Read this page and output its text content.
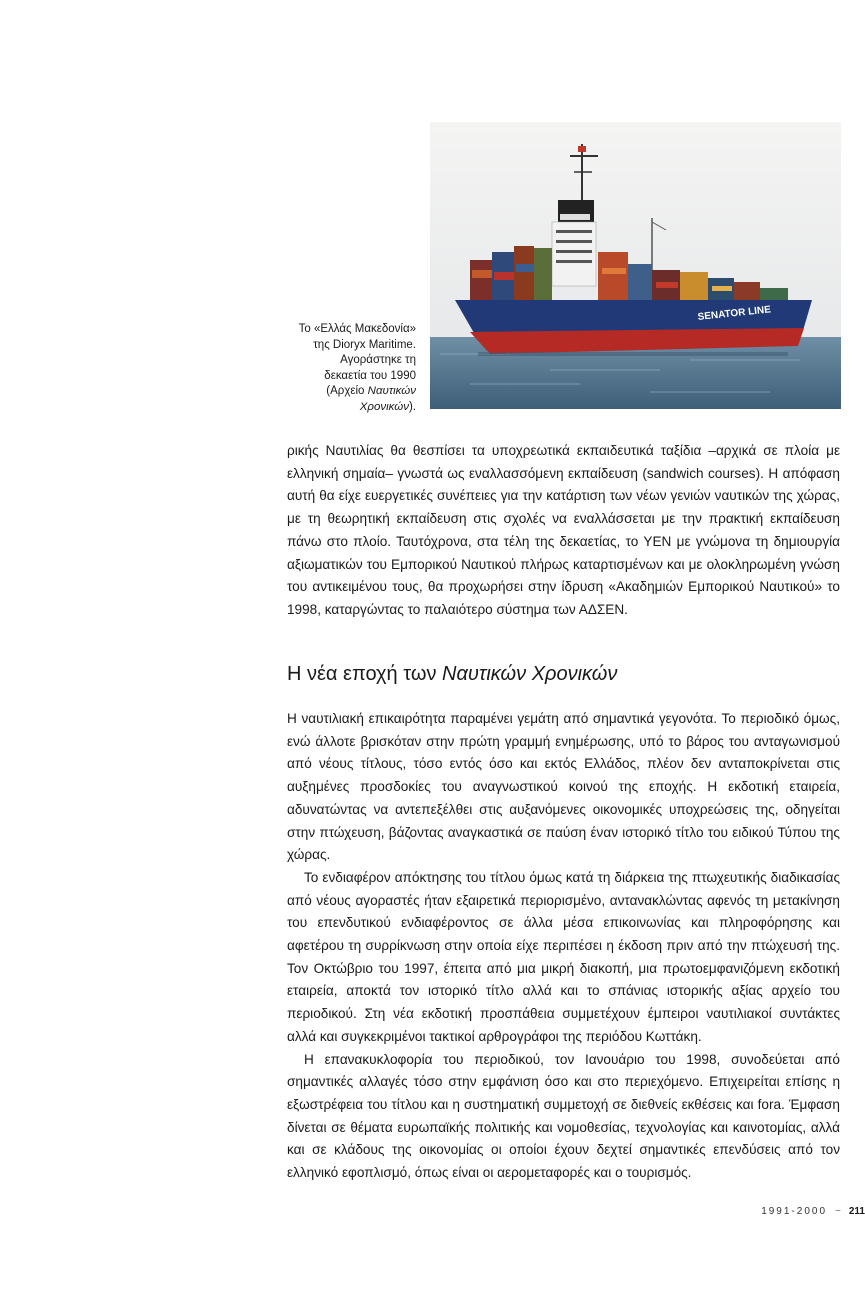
SENATOR LINE
Το «Ελλάς Μακεδονία»
της Dioryx Maritime.
Αγοράστηκε τη
δεκαετία του 1990
(Αρχείο Ναυτικών
Χρονικών).

ρικής Ναυτιλίας θα θεσπίσει τα υποχρεωτικά εκπαιδευτικά ταξίδια –αρχικά σε πλοία με ελληνική σημαία– γνωστά ως εναλλασσόμενη εκπαίδευση (sandwich courses). Η απόφαση αυτή θα είχε ευεργετικές συνέπειες για την κατάρτιση των νέων γενιών ναυτικών της χώρας, με τη θεωρητική εκπαίδευση στις σχολές να εναλλάσσεται με την πρακτική εκπαίδευση πάνω στο πλοίο. Ταυτόχρονα, στα τέλη της δεκαετίας, το ΥΕΝ με γνώμονα τη δημιουργία αξιωματικών του Εμπορικού Ναυτικού πλήρως καταρτισμένων και με ολοκληρωμένη γνώση του αντικειμένου τους, θα προχωρήσει στην ίδρυση «Ακαδημιών Εμπορικού Ναυτικού» το 1998, καταργώντας το παλαιότερο σύστημα των ΑΔΣΕΝ.

Η νέα εποχή των Ναυτικών Χρονικών

Η ναυτιλιακή επικαιρότητα παραμένει γεμάτη από σημαντικά γεγονότα. Το περιοδικό όμως, ενώ άλλοτε βρισκόταν στην πρώτη γραμμή ενημέρωσης, υπό το βάρος του ανταγωνισμού από νέους τίτλους, τόσο εντός όσο και εκτός Ελλάδος, πλέον δεν ανταποκρίνεται στις αυξημένες προσδοκίες του αναγνωστικού κοινού της εποχής. Η εκδοτική εταιρεία, αδυνατώντας να αντεπεξέλθει στις αυξανόμενες οικονομικές υποχρεώσεις της, οδηγείται στην πτώχευση, βάζοντας αναγκαστικά σε παύση έναν ιστορικό τίτλο του ειδικού Τύπου της χώρας.

Το ενδιαφέρον απόκτησης του τίτλου όμως κατά τη διάρκεια της πτωχευτικής διαδικασίας από νέους αγοραστές ήταν εξαιρετικά περιορισμένο, αντανακλώντας αφενός τη μετακίνηση του επενδυτικού ενδιαφέροντος σε άλλα μέσα επικοινωνίας και πληροφόρησης και αφετέρου τη συρρίκνωση στην οποία είχε περιπέσει η έκδοση πριν από την πτώχευσή της. Τον Οκτώβριο του 1997, έπειτα από μια μικρή διακοπή, μια πρωτοεμφανιζόμενη εκδοτική εταιρεία, αποκτά τον ιστορικό τίτλο αλλά και το σπάνιας ιστορικής αξίας αρχείο του περιοδικού. Στη νέα εκδοτική προσπάθεια συμμετέχουν έμπειροι ναυτιλιακοί συντάκτες αλλά και συγκεκριμένοι τακτικοί αρθρογράφοι της περιόδου Κωττάκη.

Η επανακυκλοφορία του περιοδικού, τον Ιανουάριο του 1998, συνοδεύεται από σημαντικές αλλαγές τόσο στην εμφάνιση όσο και στο περιεχόμενο. Επιχειρείται επίσης η εξωστρέφεια του τίτλου και η συστηματική συμμετοχή σε διεθνείς εκθέσεις και fora. Έμφαση δίνεται σε θέματα ευρωπαϊκής πολιτικής και νομοθεσίας, τεχνολογίας και καινοτομίας, αλλά και σε κλάδους της οικονομίας οι οποίοι έχουν δεχτεί σημαντικές επενδύσεις από τον ελληνικό εφοπλισμό, όπως είναι οι αερομεταφορές και ο τουρισμός.

1991-2000 ~ 211
